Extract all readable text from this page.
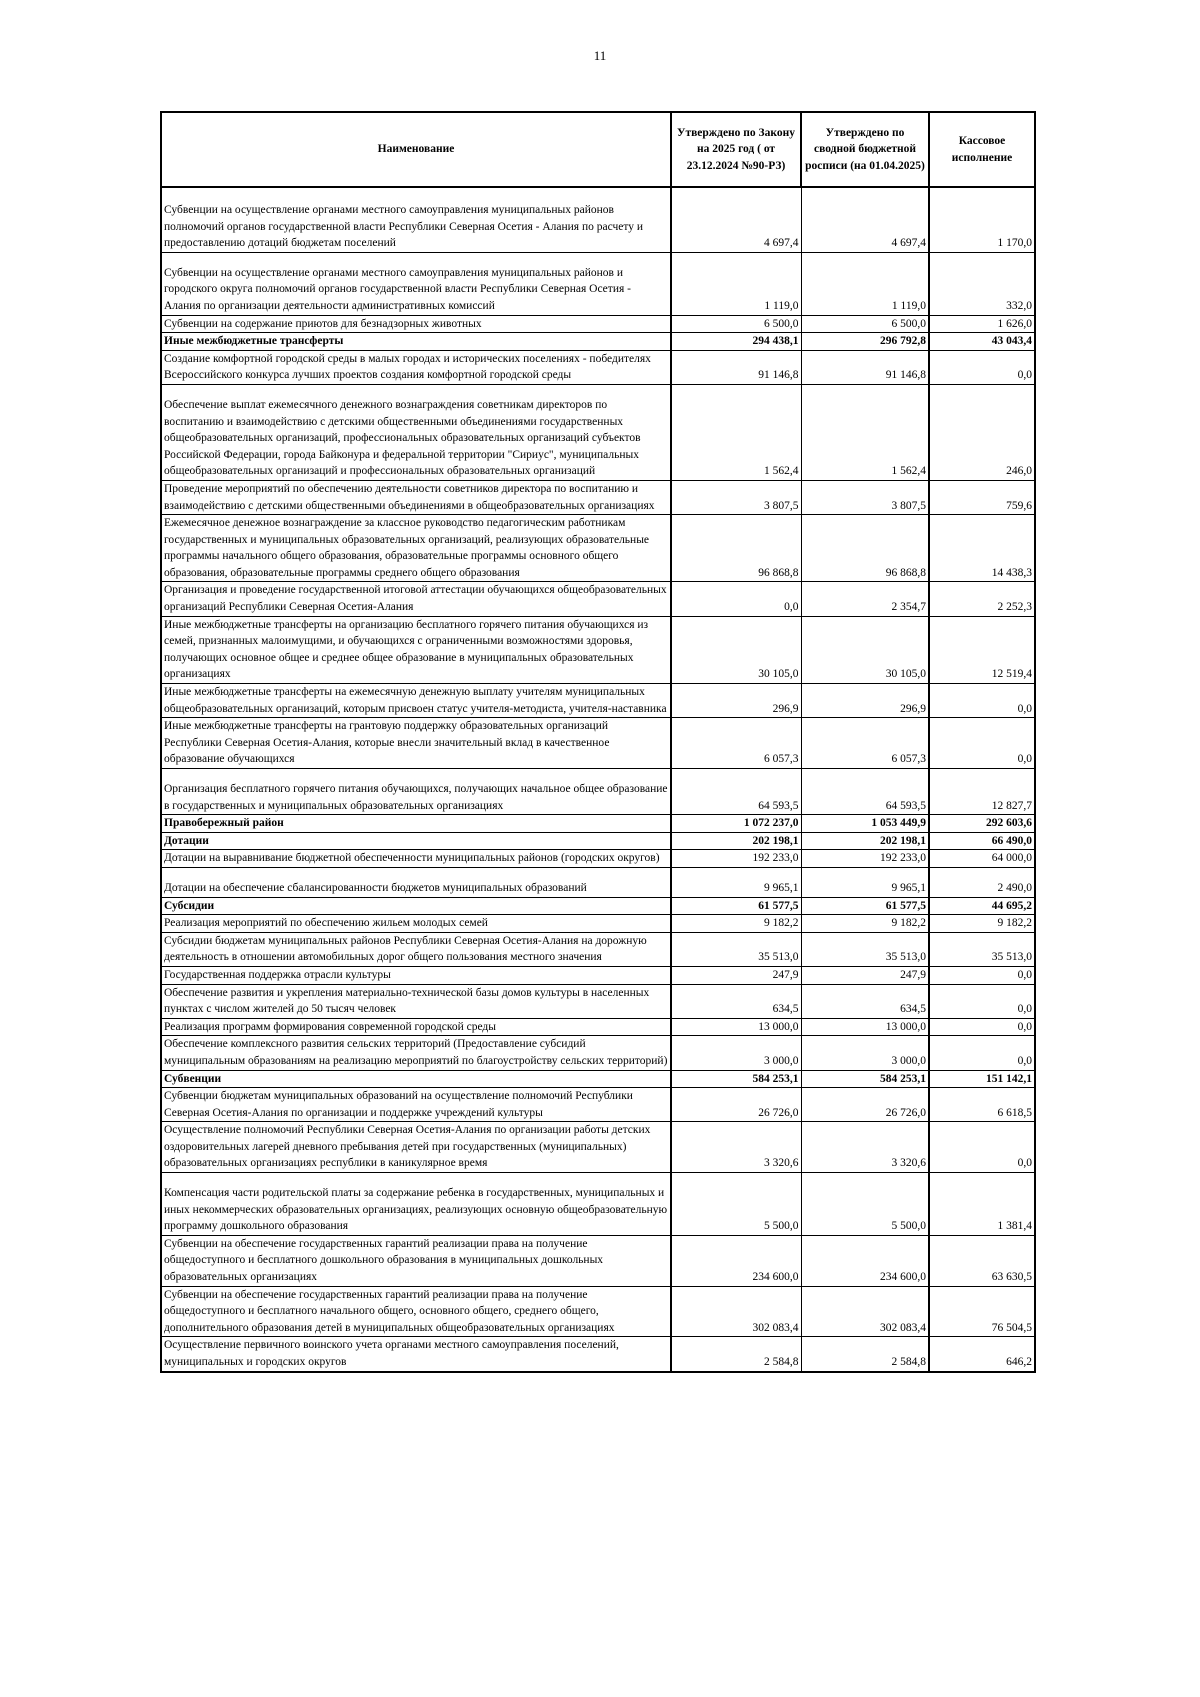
11
Наименование	Утверждено по Законy на 2025 год ( от 23.12.2024 №90-РЗ)	Утверждено по сводной бюджетной росписи (на 01.04.2025)	Кассовое исполнение
Субвенции на осуществление органами местного самоуправления муниципальных районов полномочий органов государственной власти Республики Северная Осетия - Алания по расчету и предоставлению дотаций бюджетам поселений	4 697,4	4 697,4	1 170,0
Субвенции на осуществление органами местного самоуправления муниципальных районов и городского округа полномочий органов государственной власти Республики Северная Осетия - Алания по организации деятельности административных комиссий	1 119,0	1 119,0	332,0
Субвенции на содержание приютов для безнадзорных животных	6 500,0	6 500,0	1 626,0
Иные межбюджетные трансферты	294 438,1	296 792,8	43 043,4
Создание комфортной городской среды в малых городах и исторических поселениях - победителях Всероссийского конкурса лучших проектов создания комфортной городской среды	91 146,8	91 146,8	0,0
Обеспечение выплат ежемесячного денежного вознаграждения советникам директоров по воспитанию и взаимодействию с детскими общественными объединениями государственных общеобразовательных организаций, профессиональных образовательных организаций субъектов Российской Федерации, города Байконура и федеральной территории "Сириус", муниципальных общеобразовательных организаций и профессиональных образовательных организаций	1 562,4	1 562,4	246,0
Проведение мероприятий по обеспечению деятельности советников директора по воспитанию и взаимодействию с детскими общественными объединениями в общеобразовательных организациях	3 807,5	3 807,5	759,6
Ежемесячное денежное вознаграждение за классное руководство педагогическим работникам государственных и муниципальных образовательных организаций, реализующих образовательные программы начального общего образования, образовательные программы основного общего образования, образовательные программы среднего общего образования	96 868,8	96 868,8	14 438,3
Организация и проведение государственной итоговой аттестации обучающихся общеобразовательных организаций Республики Северная Осетия-Алания	0,0	2 354,7	2 252,3
Иные межбюджетные трансферты на организацию бесплатного горячего питания обучающихся из семей, признанных малоимущими, и обучающихся с ограниченными возможностями здоровья, получающих основное общее и среднее общее образование в муниципальных образовательных организациях	30 105,0	30 105,0	12 519,4
Иные межбюджетные трансферты на ежемесячную денежную выплату учителям муниципальных общеобразовательных организаций, которым присвоен статус учителя-методиста, учителя-наставника	296,9	296,9	0,0
Иные межбюджетные трансферты на грантовую поддержку образовательных организаций Республики Северная Осетия-Алания, которые внесли значительный вклад в качественное образование обучающихся	6 057,3	6 057,3	0,0
Организация бесплатного горячего питания обучающихся, получающих начальное общее образование в государственных и муниципальных образовательных организациях	64 593,5	64 593,5	12 827,7
Правобережный район	1 072 237,0	1 053 449,9	292 603,6
Дотации	202 198,1	202 198,1	66 490,0
Дотации на выравнивание бюджетной обеспеченности муниципальных районов (городских округов)	192 233,0	192 233,0	64 000,0
Дотации на обеспечение сбалансированности бюджетов муниципальных образований	9 965,1	9 965,1	2 490,0
Субсидии	61 577,5	61 577,5	44 695,2
Реализация мероприятий по обеспечению жильем молодых семей	9 182,2	9 182,2	9 182,2
Субсидии бюджетам муниципальных районов Республики Северная Осетия-Алания на дорожную деятельность в отношении автомобильных дорог общего пользования местного значения	35 513,0	35 513,0	35 513,0
Государственная поддержка отрасли культуры	247,9	247,9	0,0
Обеспечение развития и укрепления материально-технической базы домов культуры в населенных пунктах с числом жителей до 50 тысяч человек	634,5	634,5	0,0
Реализация программ формирования современной городской среды	13 000,0	13 000,0	0,0
Обеспечение комплексного развития сельских территорий (Предоставление субсидий муниципальным образованиям на реализацию мероприятий по благоустройству сельских территорий)	3 000,0	3 000,0	0,0
Субвенции	584 253,1	584 253,1	151 142,1
Субвенции бюджетам муниципальных образований на осуществление полномочий Республики Северная Осетия-Алания по организации и поддержке учреждений культуры	26 726,0	26 726,0	6 618,5
Осуществление полномочий Республики Северная Осетия-Алания по организации работы детских оздоровительных лагерей дневного пребывания детей при государственных (муниципальных) образовательных организациях республики в каникулярное время	3 320,6	3 320,6	0,0
Компенсация части родительской платы за содержание ребенка в государственных, муниципальных и иных некоммерческих образовательных организациях, реализующих основную общеобразовательную программу дошкольного образования	5 500,0	5 500,0	1 381,4
Субвенции на обеспечение государственных гарантий реализации права на получение общедоступного и бесплатного дошкольного образования в муниципальных дошкольных образовательных организациях	234 600,0	234 600,0	63 630,5
Субвенции на обеспечение государственных гарантий реализации права на получение общедоступного и бесплатного начального общего, основного общего, среднего общего, дополнительного образования детей в муниципальных общеобразовательных организациях	302 083,4	302 083,4	76 504,5
Осуществление первичного воинского учета органами местного самоуправления поселений, муниципальных и городских округов	2 584,8	2 584,8	646,2
